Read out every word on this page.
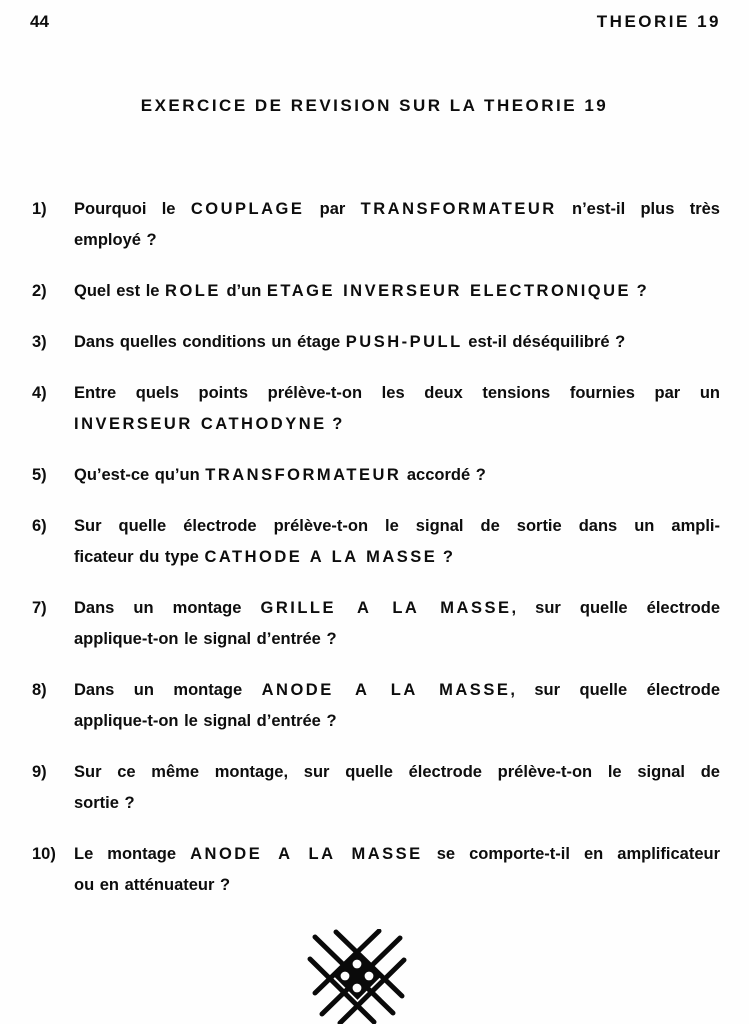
44	THEORIE 19
EXERCICE DE REVISION SUR LA THEORIE 19
1)	Pourquoi le COUPLAGE par TRANSFORMATEUR n’est-il plus très
employé ?
2)	Quel est le ROLE d’un ETAGE INVERSEUR ELECTRONIQUE ?
3)	Dans quelles conditions un étage PUSH-PULL est-il déséquilibré ?
4)	Entre quels points prélève-t-on les deux tensions fournies par un
INVERSEUR CATHODYNE ?
5)	Qu’est-ce qu’un TRANSFORMATEUR accordé ?
6)	Sur quelle électrode prélève-t-on le signal de sortie dans un ampli-
ficateur du type CATHODE A LA MASSE ?
7)	Dans un montage GRILLE A LA MASSE, sur quelle électrode
applique-t-on le signal d’entrée ?
8)	Dans un montage ANODE A LA MASSE, sur quelle électrode
applique-t-on le signal d’entrée ?
9)	Sur ce même montage, sur quelle électrode prélève-t-on le signal de
sortie ?
10)	Le montage ANODE A LA MASSE se comporte-t-il en amplificateur
ou en atténuateur ?
